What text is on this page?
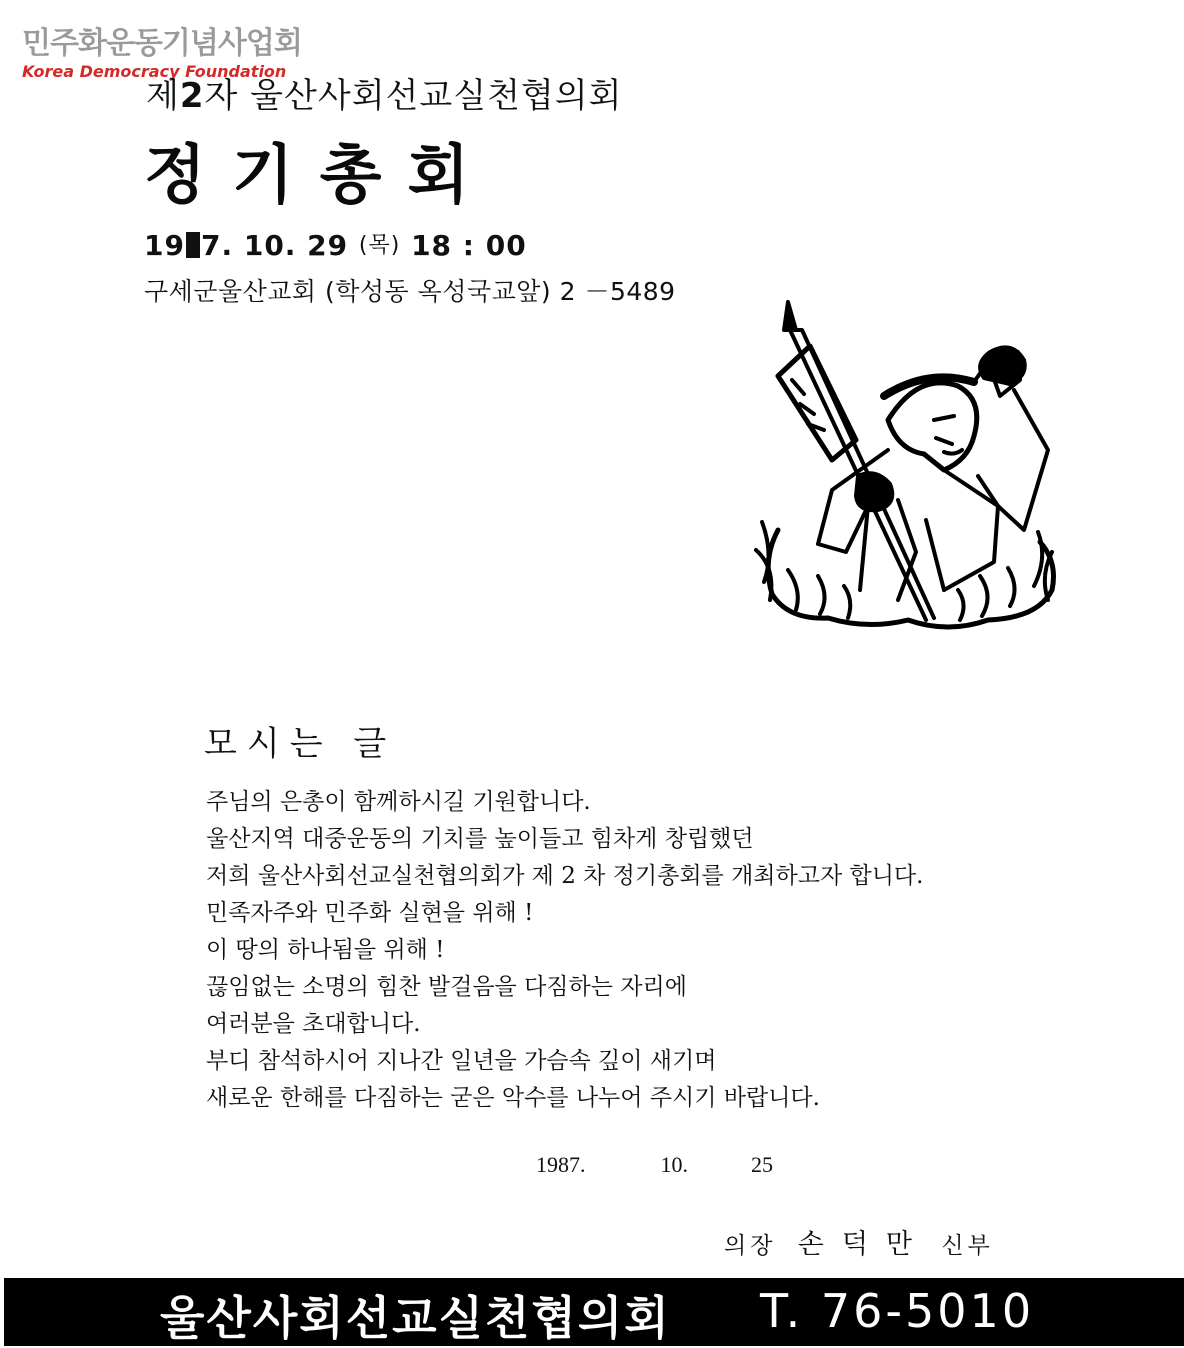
민주화운동기념사업회
Korea Democracy Foundation
제2자 울산사회선교실천협의회
정기총회
19 7. 10. 29 (목) 18 : 00
구세군울산교회 (학성동 옥성국교앞) 2 －5489
모시는 글
주님의 은총이 함께하시길 기원합니다.
울산지역 대중운동의 기치를 높이들고 힘차게 창립했던
저희 울산사회선교실천협의회가 제 2 차 정기총회를 개최하고자 합니다.
민족자주와 민주화 실현을 위해 !
이 땅의 하나됨을 위해 !
끊임없는 소명의 힘찬 발걸음을 다짐하는 자리에
여러분을 초대합니다.
부디 참석하시어 지나간 일년을 가슴속 깊이 새기며
새로운 한해를 다짐하는 굳은 악수를 나누어 주시기 바랍니다.
1987.	10.	25
의장 손덕만 신부
울산사회선교실천협의회 T. 76-5010
